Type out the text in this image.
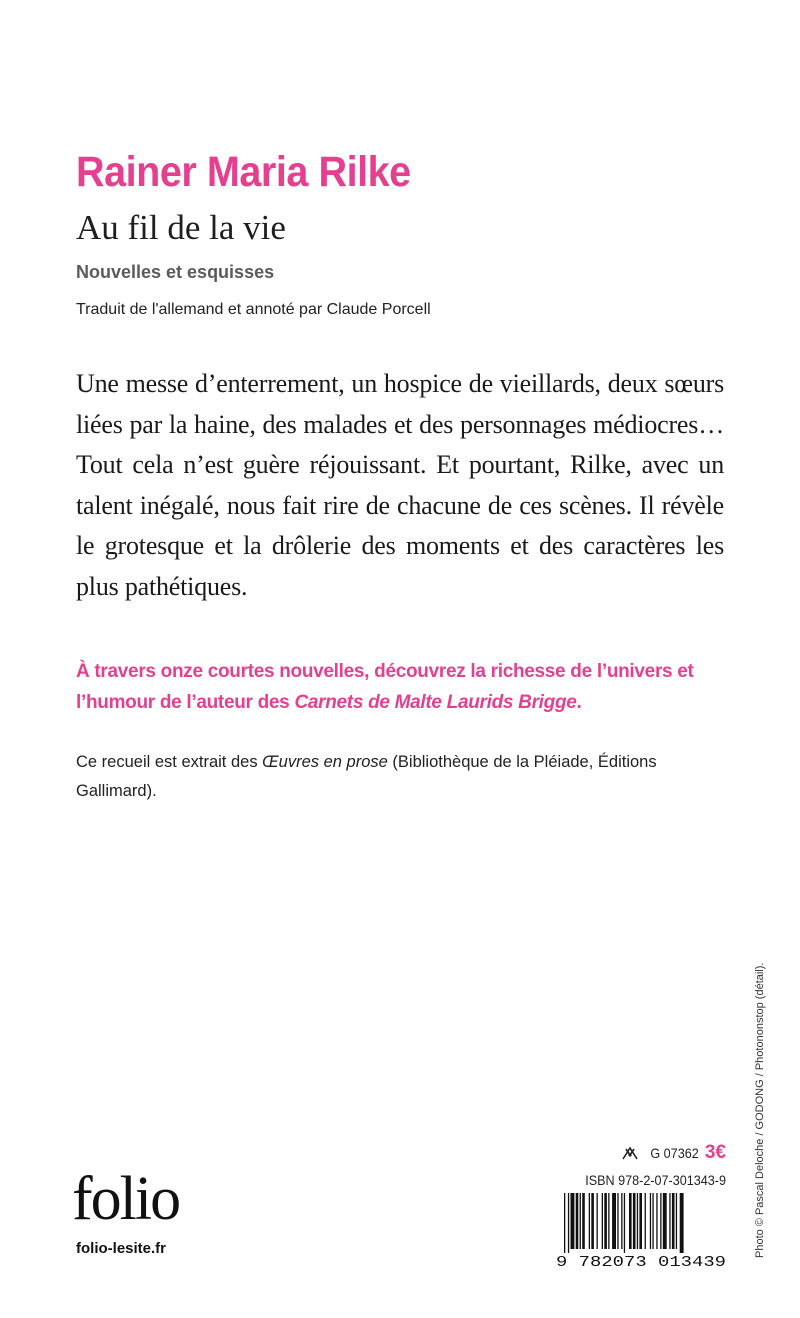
Rainer Maria Rilke
Au fil de la vie
Nouvelles et esquisses
Traduit de l'allemand et annoté par Claude Porcell

Une messe d’enterrement, un hospice de vieillards, deux sœurs liées par la haine, des malades et des personnages médiocres… Tout cela n’est guère réjouissant. Et pourtant, Rilke, avec un talent inégalé, nous fait rire de chacune de ces scènes. Il révèle le grotesque et la drôlerie des moments et des caractères les plus pathétiques.

À travers onze courtes nouvelles, découvrez la richesse de l’univers et l’humour de l’auteur des Carnets de Malte Laurids Brigge.

Ce recueil est extrait des Œuvres en prose (Bibliothèque de la Pléiade, Éditions Gallimard).

folio
folio-lesite.fr
G 07362 3€
ISBN 978-2-07-301343-9
9 782073 013439
Photo © Pascal Deloche / GODONG / Photononstop (détail).
